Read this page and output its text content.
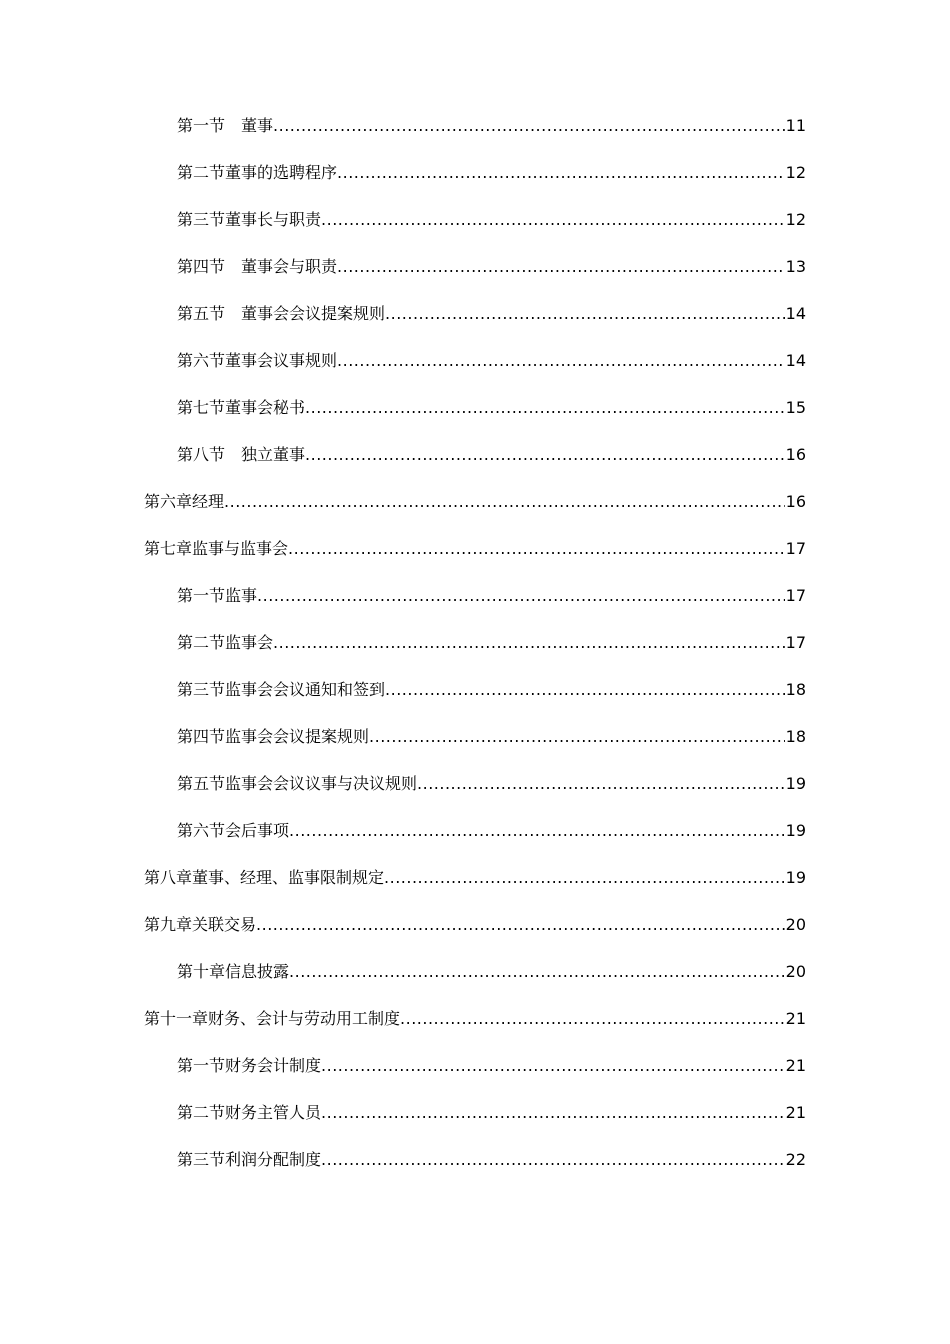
第一节　董事 .....	11
第二节董事的选聘程序 .....	12
第三节董事长与职责 .....	12
第四节　董事会与职责 .....	13
第五节　董事会会议提案规则 .....	14
第六节董事会议事规则 .....	14
第七节董事会秘书 .....	15
第八节　独立董事 .....	16
第六章经理 .....	16
第七章监事与监事会 .....	17
第一节监事 .....	17
第二节监事会 .....	17
第三节监事会会议通知和签到 .....	18
第四节监事会会议提案规则 .....	18
第五节监事会会议议事与决议规则 .....	19
第六节会后事项 .....	19
第八章董事、经理、监事限制规定 .....	19
第九章关联交易 .....	20
第十章信息披露 .....	20
第十一章财务、会计与劳动用工制度 .....	21
第一节财务会计制度 .....	21
第二节财务主管人员 .....	21
第三节利润分配制度 .....	22
